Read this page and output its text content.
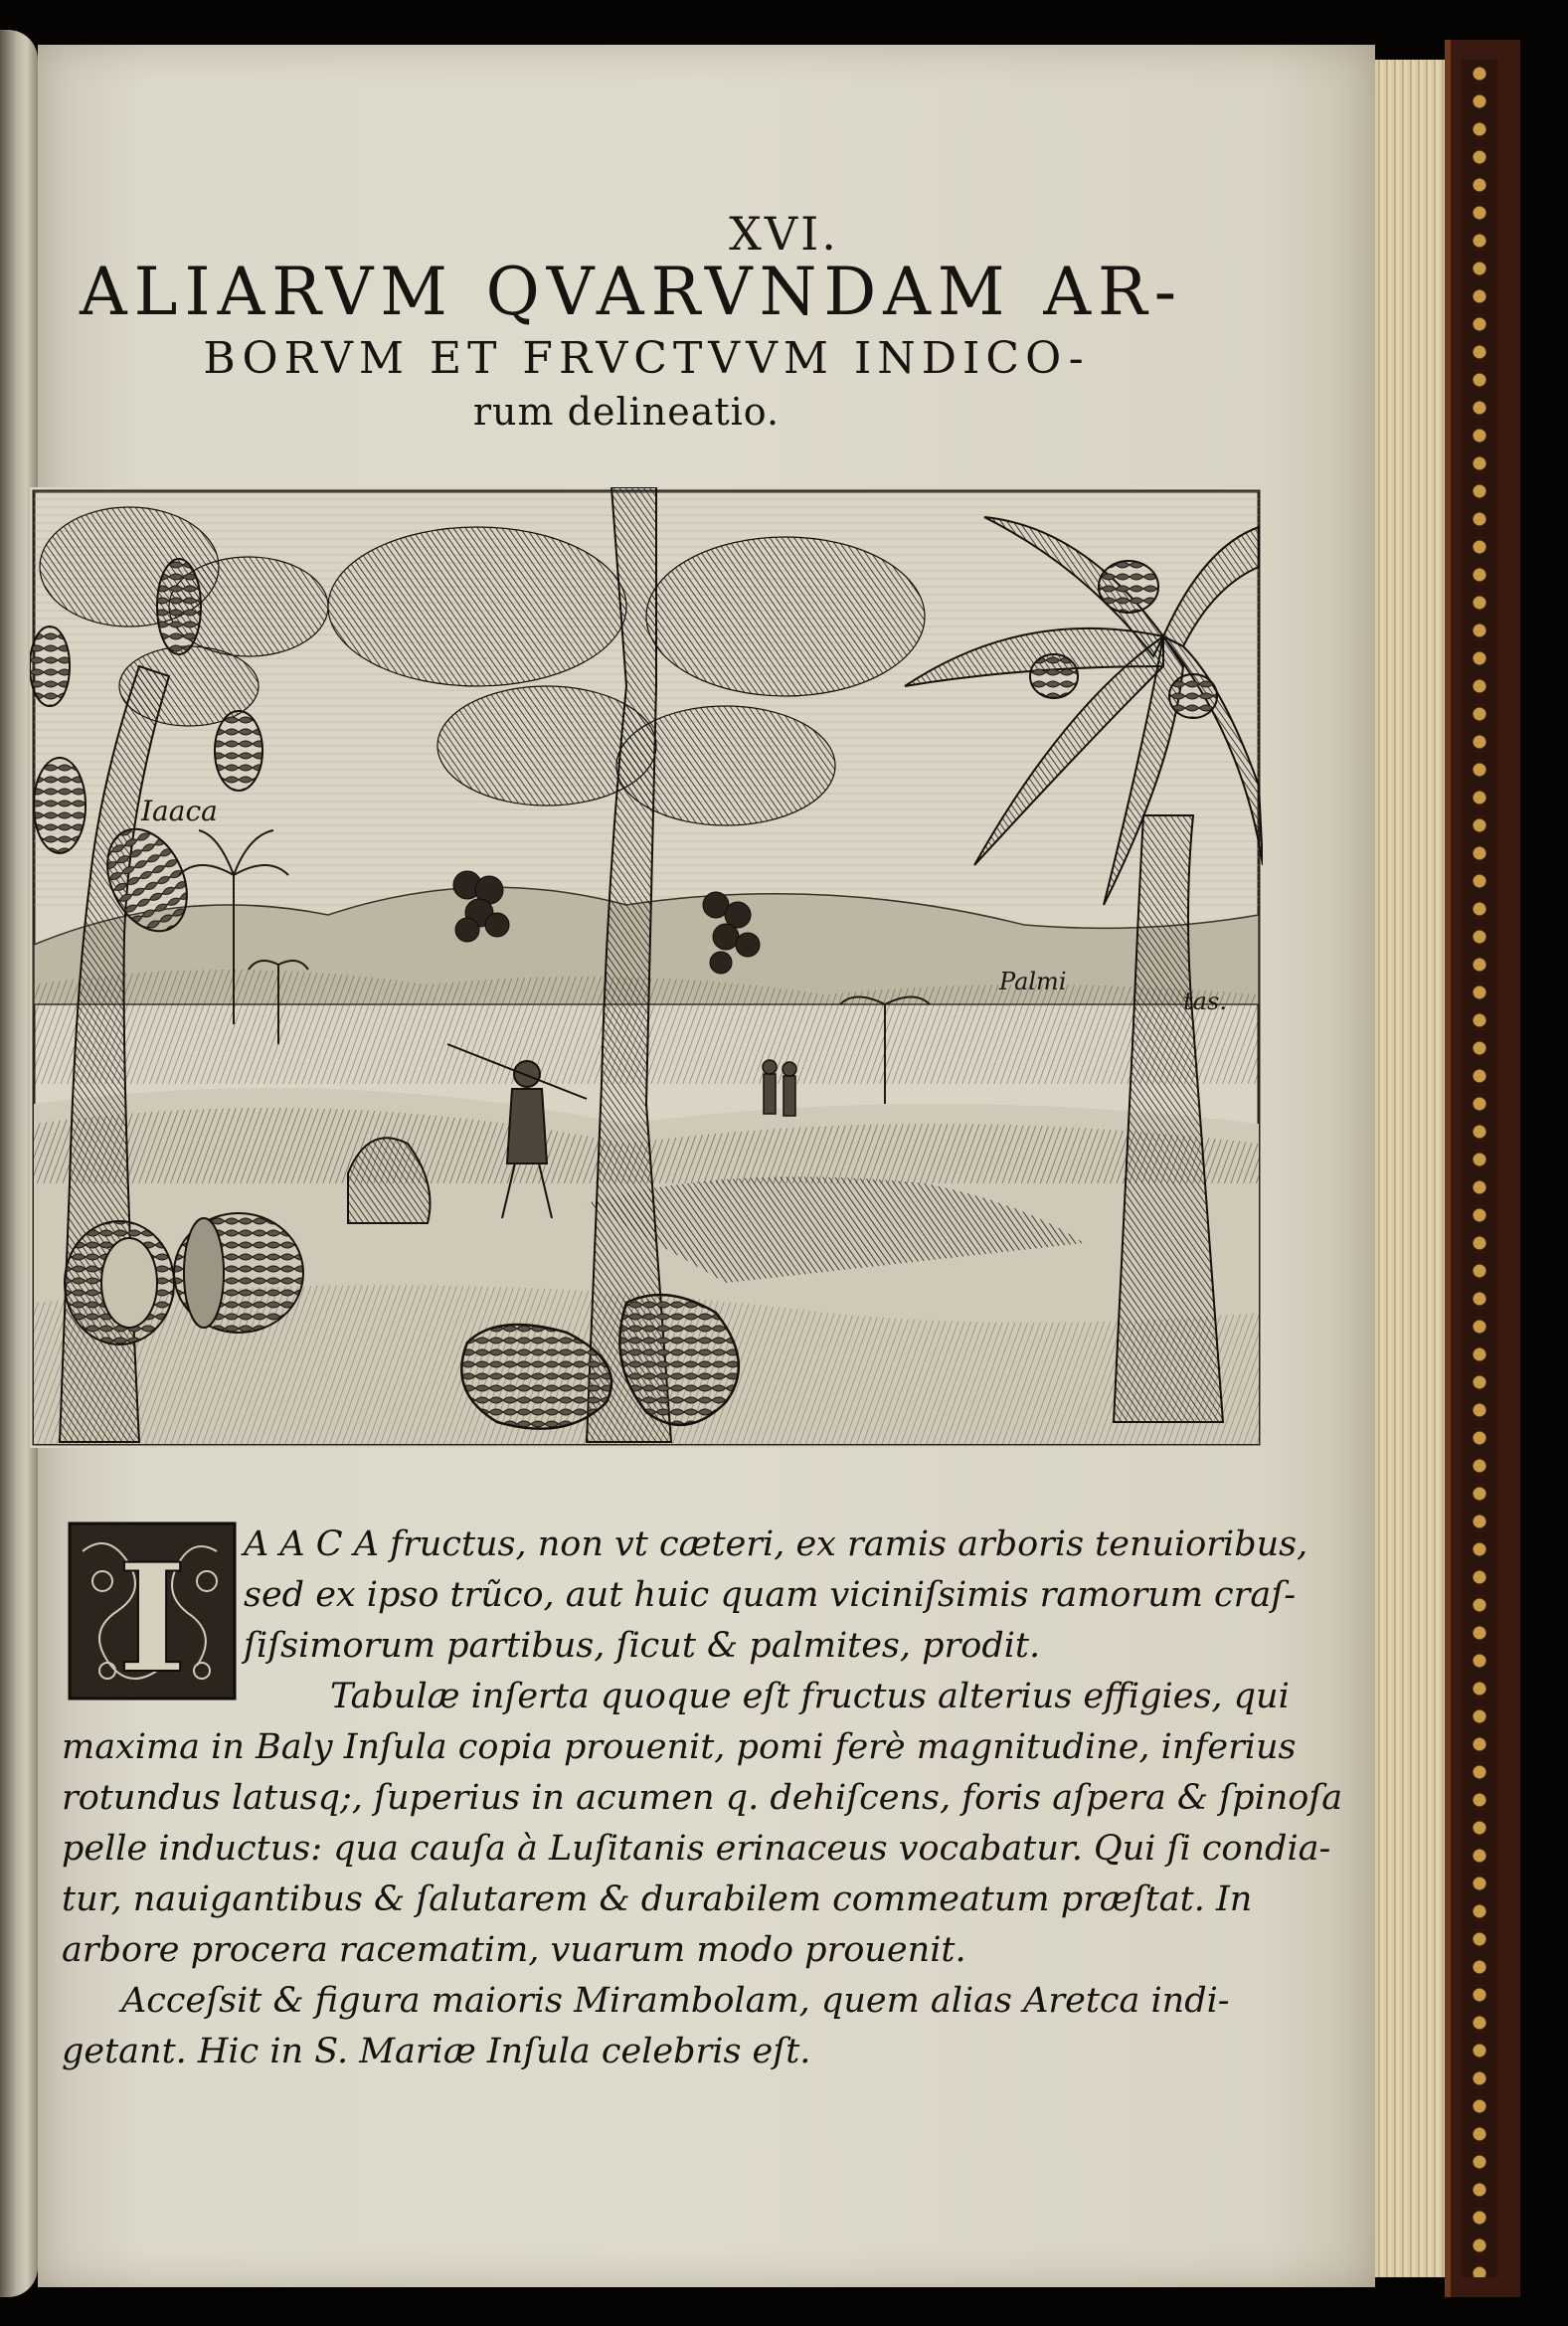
XVI.
ALIARVM QVARVNDAM AR-
BORVM ET FRVCTVVM INDICO-
rum delineatio.
Iaaca
Palmi
tas.
I	A A C A fructus, non vt cæteri, ex ramis arboris tenuioribus,
sed ex ipso trũco, aut huic quam viciniſsimis ramorum craſ-
ſiſsimorum partibus, ſicut & palmites, prodit.
Tabulæ inſerta quoque eſt fructus alterius effigies, qui
maxima in Baly Inſula copia prouenit, pomi ferè magnitudine, inferius
rotundus latusq;, ſuperius in acumen q. dehiſcens, foris aſpera & ſpinoſa
pelle inductus: qua cauſa à Luſitanis erinaceus vocabatur. Qui ſi condia-
tur, nauigantibus & ſalutarem & durabilem commeatum præſtat. In
arbore procera racematim, vuarum modo prouenit.
Acceſsit & figura maioris Mirambolam, quem alias Aretca indi-
getant. Hic in S. Mariæ Inſula celebris eſt.
